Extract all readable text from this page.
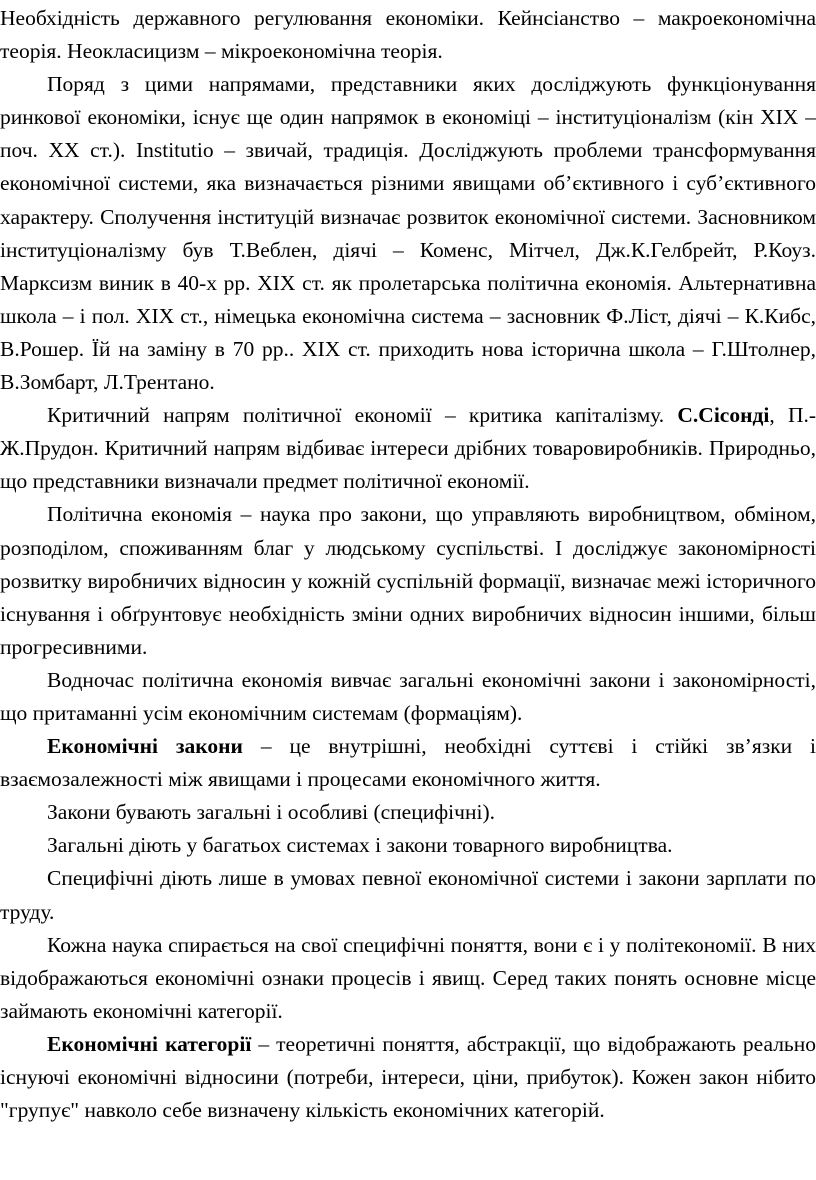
Необхідність державного регулювання економіки. Кейнсіанство – макроекономічна теорія. Неокласицизм – мікроекономічна теорія.

Поряд з цими напрямами, представники яких досліджують функціонування ринкової економіки, існує ще один напрямок в економіці – інституціоналізм (кін ХІХ – поч. ХХ ст.). Institutio – звичай, традиція. Досліджують проблеми трансформування економічної системи, яка визначається різними явищами об’єктивного і суб’єктивного характеру. Сполучення інституцій визначає розвиток економічної системи. Засновником інституціоналізму був Т.Веблен, діячі – Коменс, Мітчел, Дж.К.Гелбрейт, Р.Коуз. Марксизм виник в 40-х рр. ХІХ ст. як пролетарська політична економія. Альтернативна школа – і пол. ХІХ ст., німецька економічна система – засновник Ф.Ліст, діячі – К.Кибс, В.Рошер. Їй на заміну в 70 рр.. ХІХ ст. приходить нова історична школа – Г.Штолнер, В.Зомбарт, Л.Трентано.

Критичний напрям політичної економії – критика капіталізму. С.Сісонді, П.-Ж.Прудон. Критичний напрям відбиває інтереси дрібних товаровиробників. Природньо, що представники визначали предмет політичної економії.

Політична економія – наука про закони, що управляють виробництвом, обміном, розподілом, споживанням благ у людському суспільстві. І досліджує закономірності розвитку виробничих відносин у кожній суспільній формації, визначає межі історичного існування і обґрунтовує необхідність зміни одних виробничих відносин іншими, більш прогресивними.

Водночас політична економія вивчає загальні економічні закони і закономірності, що притаманні усім економічним системам (формаціям).

Економічні закони – це внутрішні, необхідні суттєві і стійкі зв’язки і взаємозалежності між явищами і процесами економічного життя.

Закони бувають загальні і особливі (специфічні).

Загальні діють у багатьох системах і закони товарного виробництва.

Специфічні діють лише в умовах певної економічної системи і закони зарплати по труду.

Кожна наука спирається на свої специфічні поняття, вони є і у політекономії. В них відображаються економічні ознаки процесів і явищ. Серед таких понять основне місце займають економічні категорії.

Економічні категорії – теоретичні поняття, абстракції, що відображають реально існуючі економічні відносини (потреби, інтереси, ціни, прибуток). Кожен закон нібито "групує" навколо себе визначену кількість економічних категорій.
